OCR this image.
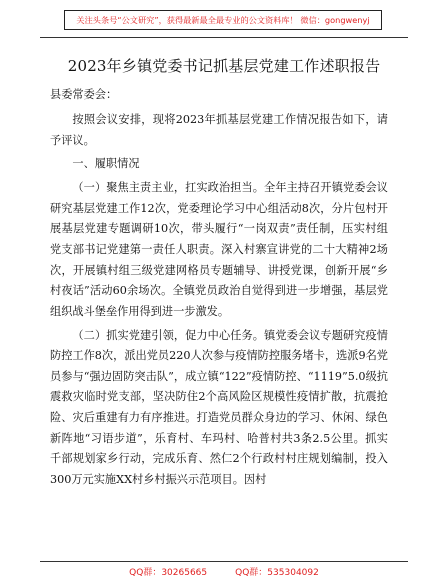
关注头条号“公文研究”，获得最新最全最专业的公文资料库！ 微信：gongwenyj
2023年乡镇党委书记抓基层党建工作述职报告

县委常委会：

按照会议安排，现将2023年抓基层党建工作情况报告如下，请予评议。

一、履职情况

（一）聚焦主责主业，扛实政治担当。全年主持召开镇党委会议研究基层党建工作12次，党委理论学习中心组活动8次，分片包村开展基层党建专题调研10次，带头履行“一岗双责”责任制，压实村组党支部书记党建第一责任人职责。深入村寨宣讲党的二十大精神2场次，开展镇村组三级党建网格员专题辅导、讲授党课，创新开展“乡村夜话”活动60余场次。全镇党员政治自觉得到进一步增强，基层党组织战斗堡垒作用得到进一步激发。

（二）抓实党建引领，促力中心任务。镇党委会议专题研究疫情防控工作8次，派出党员220人次参与疫情防控服务堵卡，选派9名党员参与“强边固防突击队”，成立镇“122”疫情防控、“1119”5.0级抗震救灾临时党支部，坚决防住2个高风险区规模性疫情扩散，抗震抢险、灾后重建有力有序推进。打造党员群众身边的学习、休闲、绿色新阵地“习语步道”，乐育村、车玛村、哈普村共3条2.5公里。抓实千部规划家乡行动，完成乐育、然仁2个行政村村庄规划编制，投入300万元实施XX村乡村振兴示范项目。因村

QQ群：30265665	QQ群：535304092
